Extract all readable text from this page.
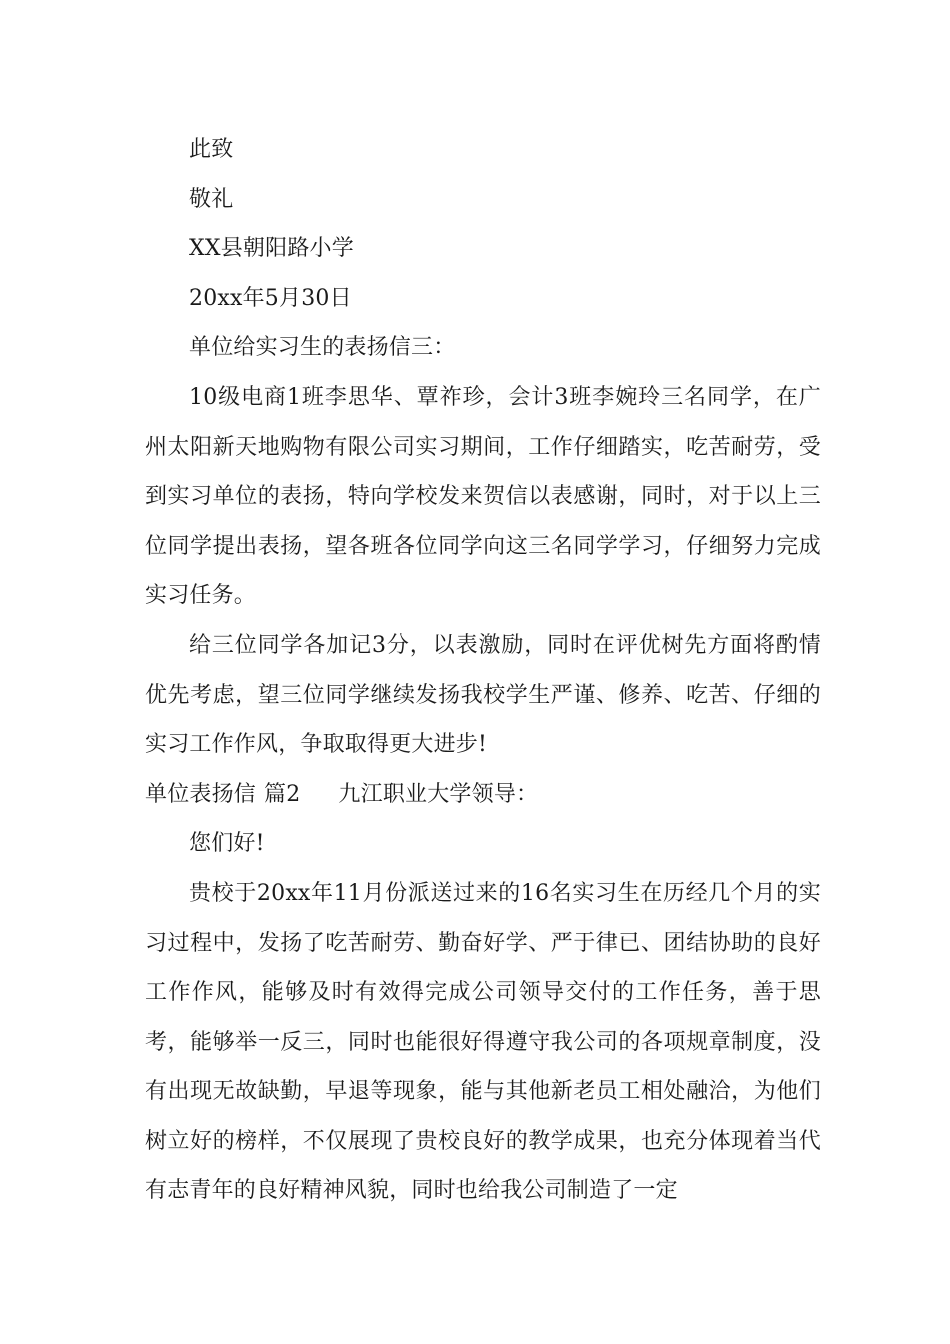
此致

敬礼

XX县朝阳路小学

20xx年5月30日

单位给实习生的表扬信三：

10级电商1班李思华、覃祚珍，会计3班李婉玲三名同学，在广州太阳新天地购物有限公司实习期间，工作仔细踏实，吃苦耐劳，受到实习单位的表扬，特向学校发来贺信以表感谢，同时，对于以上三位同学提出表扬，望各班各位同学向这三名同学学习，仔细努力完成实习任务。

给三位同学各加记3分，以表激励，同时在评优树先方面将酌情优先考虑，望三位同学继续发扬我校学生严谨、修养、吃苦、仔细的实习工作作风，争取取得更大进步!

单位表扬信 篇2 九江职业大学领导：

您们好!

贵校于20xx年11月份派送过来的16名实习生在历经几个月的实习过程中，发扬了吃苦耐劳、勤奋好学、严于律已、团结协助的良好工作作风，能够及时有效得完成公司领导交付的工作任务，善于思考，能够举一反三，同时也能很好得遵守我公司的各项规章制度，没有出现无故缺勤，早退等现象，能与其他新老员工相处融洽，为他们树立好的榜样，不仅展现了贵校良好的教学成果，也充分体现着当代有志青年的良好精神风貌，同时也给我公司制造了一定
